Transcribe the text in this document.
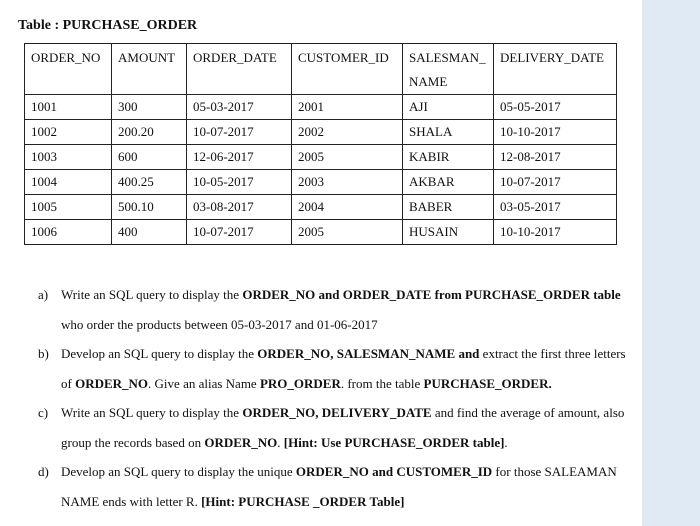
Table : PURCHASE_ORDER
ORDER_NO	AMOUNT	ORDER_DATE	CUSTOMER_ID	SALESMAN_ NAME	DELIVERY_DATE
1001	300	05-03-2017	2001	AJI	05-05-2017
1002	200.20	10-07-2017	2002	SHALA	10-10-2017
1003	600	12-06-2017	2005	KABIR	12-08-2017
1004	400.25	10-05-2017	2003	AKBAR	10-07-2017
1005	500.10	03-08-2017	2004	BABER	03-05-2017
1006	400	10-07-2017	2005	HUSAIN	10-10-2017
a) Write an SQL query to display the ORDER_NO and ORDER_DATE from PURCHASE_ORDER table who order the products between 05-03-2017 and 01-06-2017
b) Develop an SQL query to display the ORDER_NO, SALESMAN_NAME and extract the first three letters of ORDER_NO. Give an alias Name PRO_ORDER. from the table PURCHASE_ORDER.
c) Write an SQL query to display the ORDER_NO, DELIVERY_DATE and find the average of amount, also group the records based on ORDER_NO. [Hint: Use PURCHASE_ORDER table].
d) Develop an SQL query to display the unique ORDER_NO and CUSTOMER_ID for those SALEAMAN NAME ends with letter R. [Hint: PURCHASE _ORDER Table]
